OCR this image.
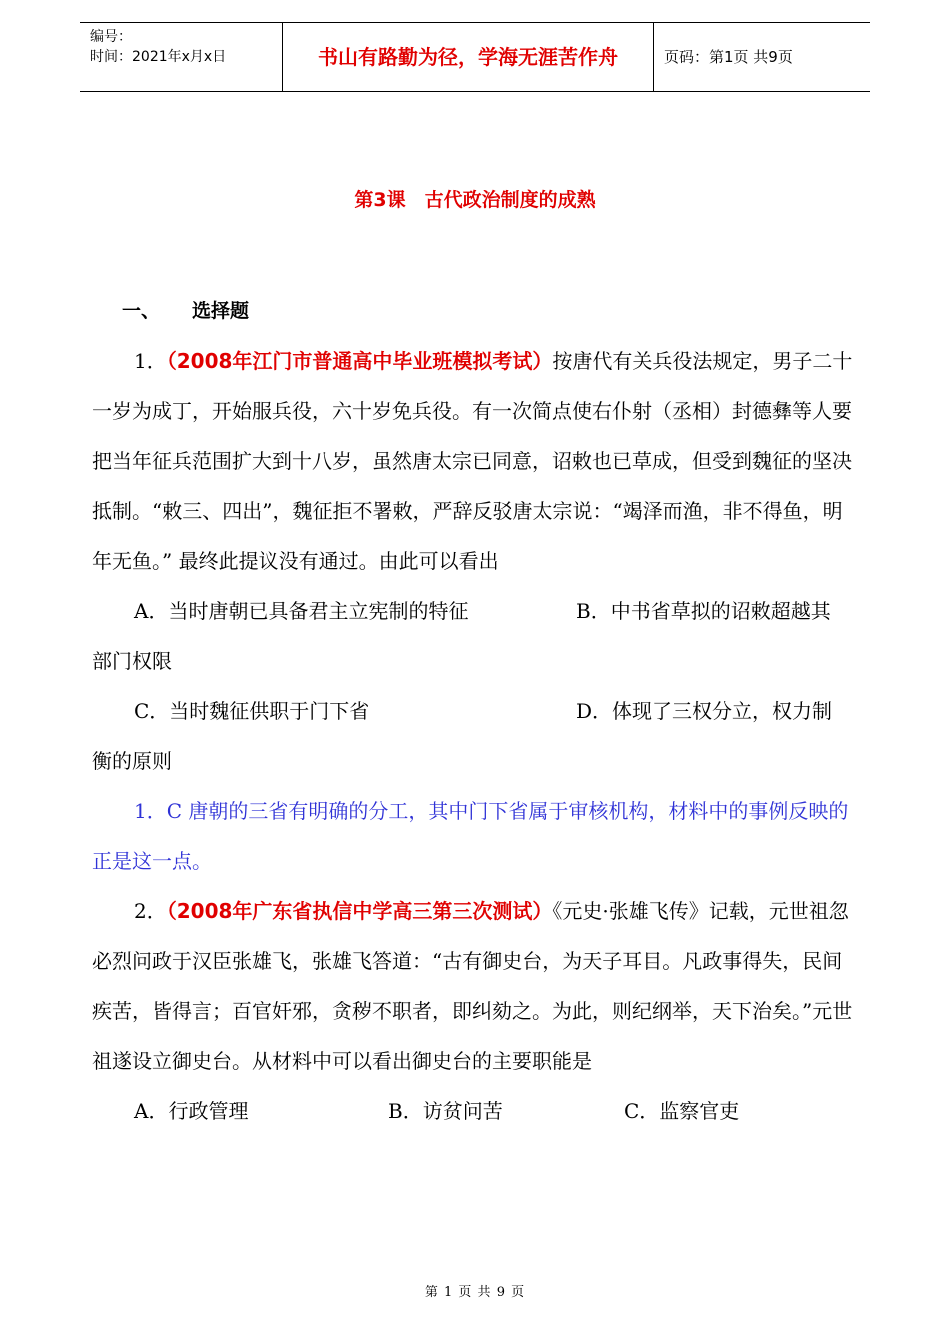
编号：
时间：2021年x月x日	书山有路勤为径，学海无涯苦作舟	页码：第1页 共9页
第3课　古代政治制度的成熟
一、 选择题

1．（2008年江门市普通高中毕业班模拟考试）按唐代有关兵役法规定，男子二十一岁为成丁，开始服兵役，六十岁免兵役。有一次简点使右仆射（丞相）封德彝等人要把当年征兵范围扩大到十八岁，虽然唐太宗已同意，诏敕也已草成，但受到魏征的坚决抵制。“敕三、四出”，魏征拒不署敕，严辞反驳唐太宗说：“竭泽而渔，非不得鱼，明年无鱼。” 最终此提议没有通过。由此可以看出

A．当时唐朝已具备君主立宪制的特征	B．中书省草拟的诏敕超越其

部门权限

C．当时魏征供职于门下省	D．体现了三权分立，权力制

衡的原则

1．C 唐朝的三省有明确的分工，其中门下省属于审核机构，材料中的事例反映的正是这一点。

2．（2008年广东省执信中学高三第三次测试）《元史·张雄飞传》记载，元世祖忽必烈问政于汉臣张雄飞，张雄飞答道：“古有御史台，为天子耳目。凡政事得失，民间疾苦，皆得言；百官奸邪，贪秽不职者，即纠劾之。为此，则纪纲举，天下治矣。”元世祖遂设立御史台。从材料中可以看出御史台的主要职能是

A．行政管理	B．访贫问苦	C．监察官吏
第 1 页 共 9 页
